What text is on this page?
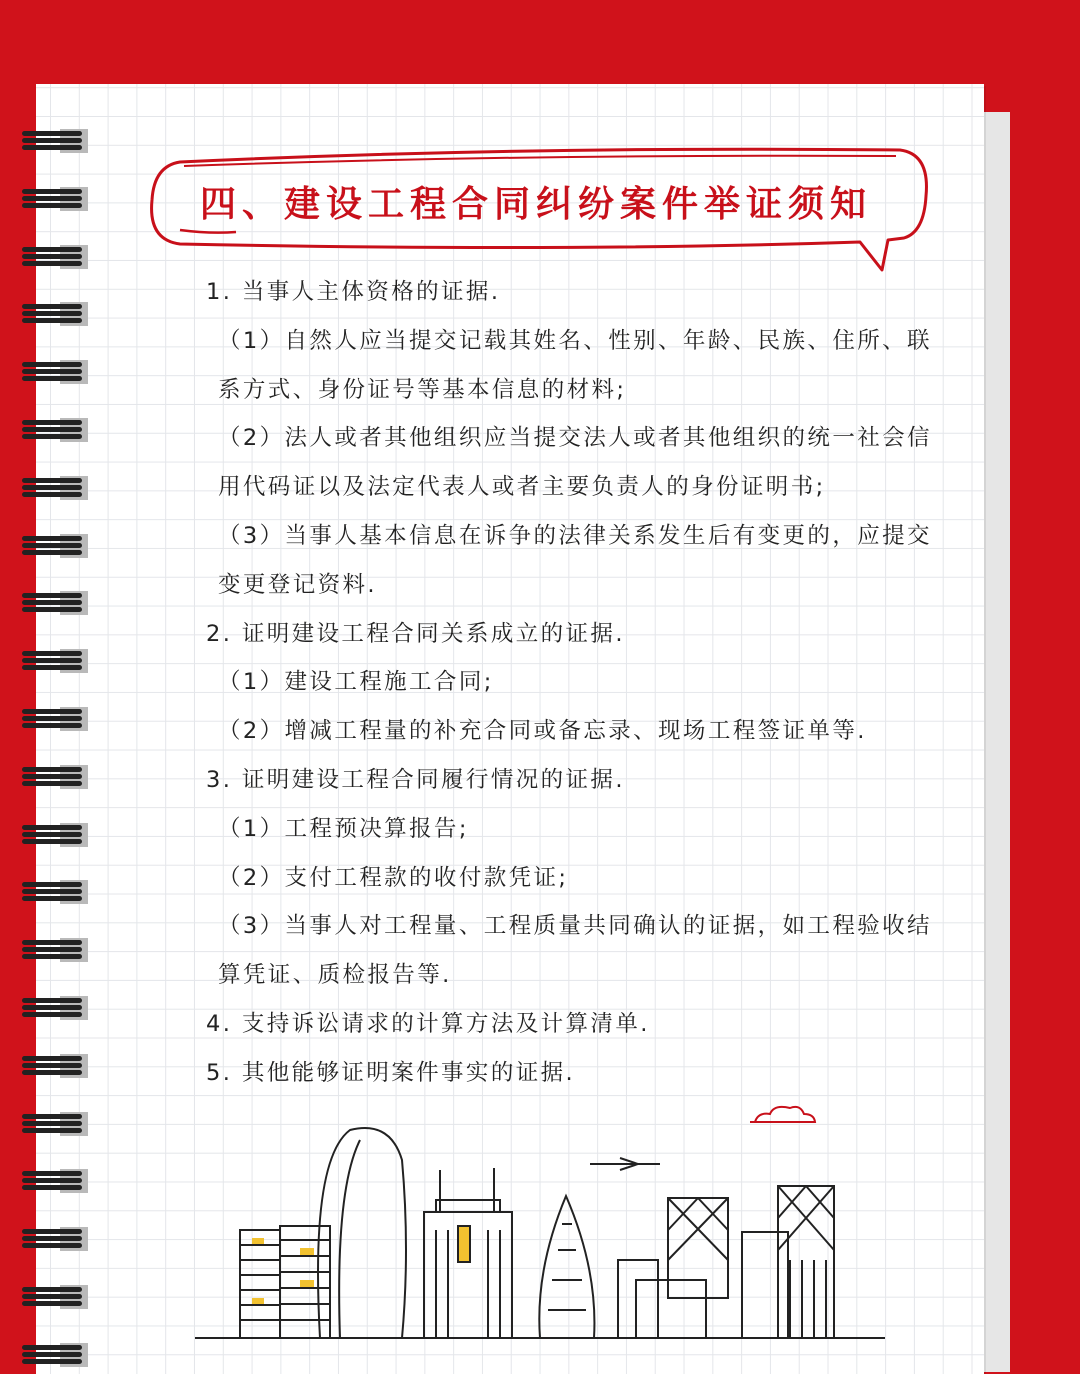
四、建设工程合同纠纷案件举证须知

1. 当事人主体资格的证据.

（1）自然人应当提交记载其姓名、性别、年龄、民族、住所、联系方式、身份证号等基本信息的材料;

（2）法人或者其他组织应当提交法人或者其他组织的统一社会信用代码证以及法定代表人或者主要负责人的身份证明书;

（3）当事人基本信息在诉争的法律关系发生后有变更的，应提交变更登记资料.

2. 证明建设工程合同关系成立的证据.

（1）建设工程施工合同;

（2）增减工程量的补充合同或备忘录、现场工程签证单等.

3. 证明建设工程合同履行情况的证据.

（1）工程预决算报告;

（2）支付工程款的收付款凭证;

（3）当事人对工程量、工程质量共同确认的证据，如工程验收结算凭证、质检报告等.

4. 支持诉讼请求的计算方法及计算清单.

5. 其他能够证明案件事实的证据.
